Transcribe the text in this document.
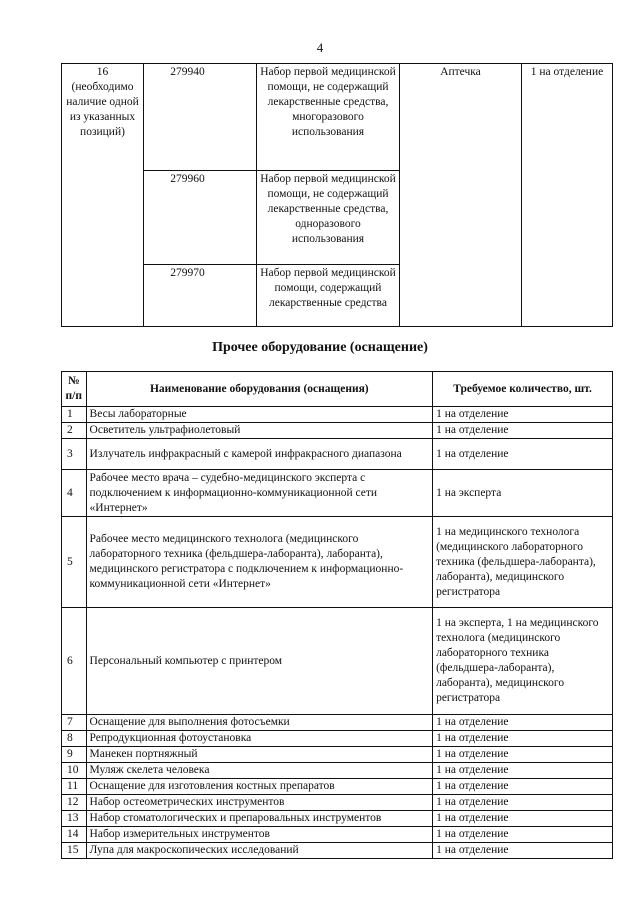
4
16 (необходимо наличие одной из указанных позиций)	279940	Набор первой медицинской помощи, не содержащий лекарственные средства, многоразового использования	Аптечка	1 на отделение
	279960	Набор первой медицинской помощи, не содержащий лекарственные средства, одноразового использования		
	279970	Набор первой медицинской помощи, содержащий лекарственные средства		
Прочее оборудование (оснащение)
№ п/п	Наименование оборудования (оснащения)	Требуемое количество, шт.
1	Весы лабораторные	1 на отделение
2	Осветитель ультрафиолетовый	1 на отделение
3	Излучатель инфракрасный с камерой инфракрасного диапазона	1 на отделение
4	Рабочее место врача – судебно-медицинского эксперта с подключением к информационно-коммуникационной сети «Интернет»	1 на эксперта
5	Рабочее место медицинского технолога (медицинского лабораторного техника (фельдшера-лаборанта), лаборанта), медицинского регистратора с подключением к информационно-коммуникационной сети «Интернет»	1 на медицинского технолога (медицинского лабораторного техника (фельдшера-лаборанта), лаборанта), медицинского регистратора
6	Персональный компьютер с принтером	1 на эксперта, 1 на медицинского технолога (медицинского лабораторного техника (фельдшера-лаборанта), лаборанта), медицинского регистратора
7	Оснащение для выполнения фотосъемки	1 на отделение
8	Репродукционная фотоустановка	1 на отделение
9	Манекен портняжный	1 на отделение
10	Муляж скелета человека	1 на отделение
11	Оснащение для изготовления костных препаратов	1 на отделение
12	Набор остеометрических инструментов	1 на отделение
13	Набор стоматологических и препаровальных инструментов	1 на отделение
14	Набор измерительных инструментов	1 на отделение
15	Лупа для макроскопических исследований	1 на отделение
